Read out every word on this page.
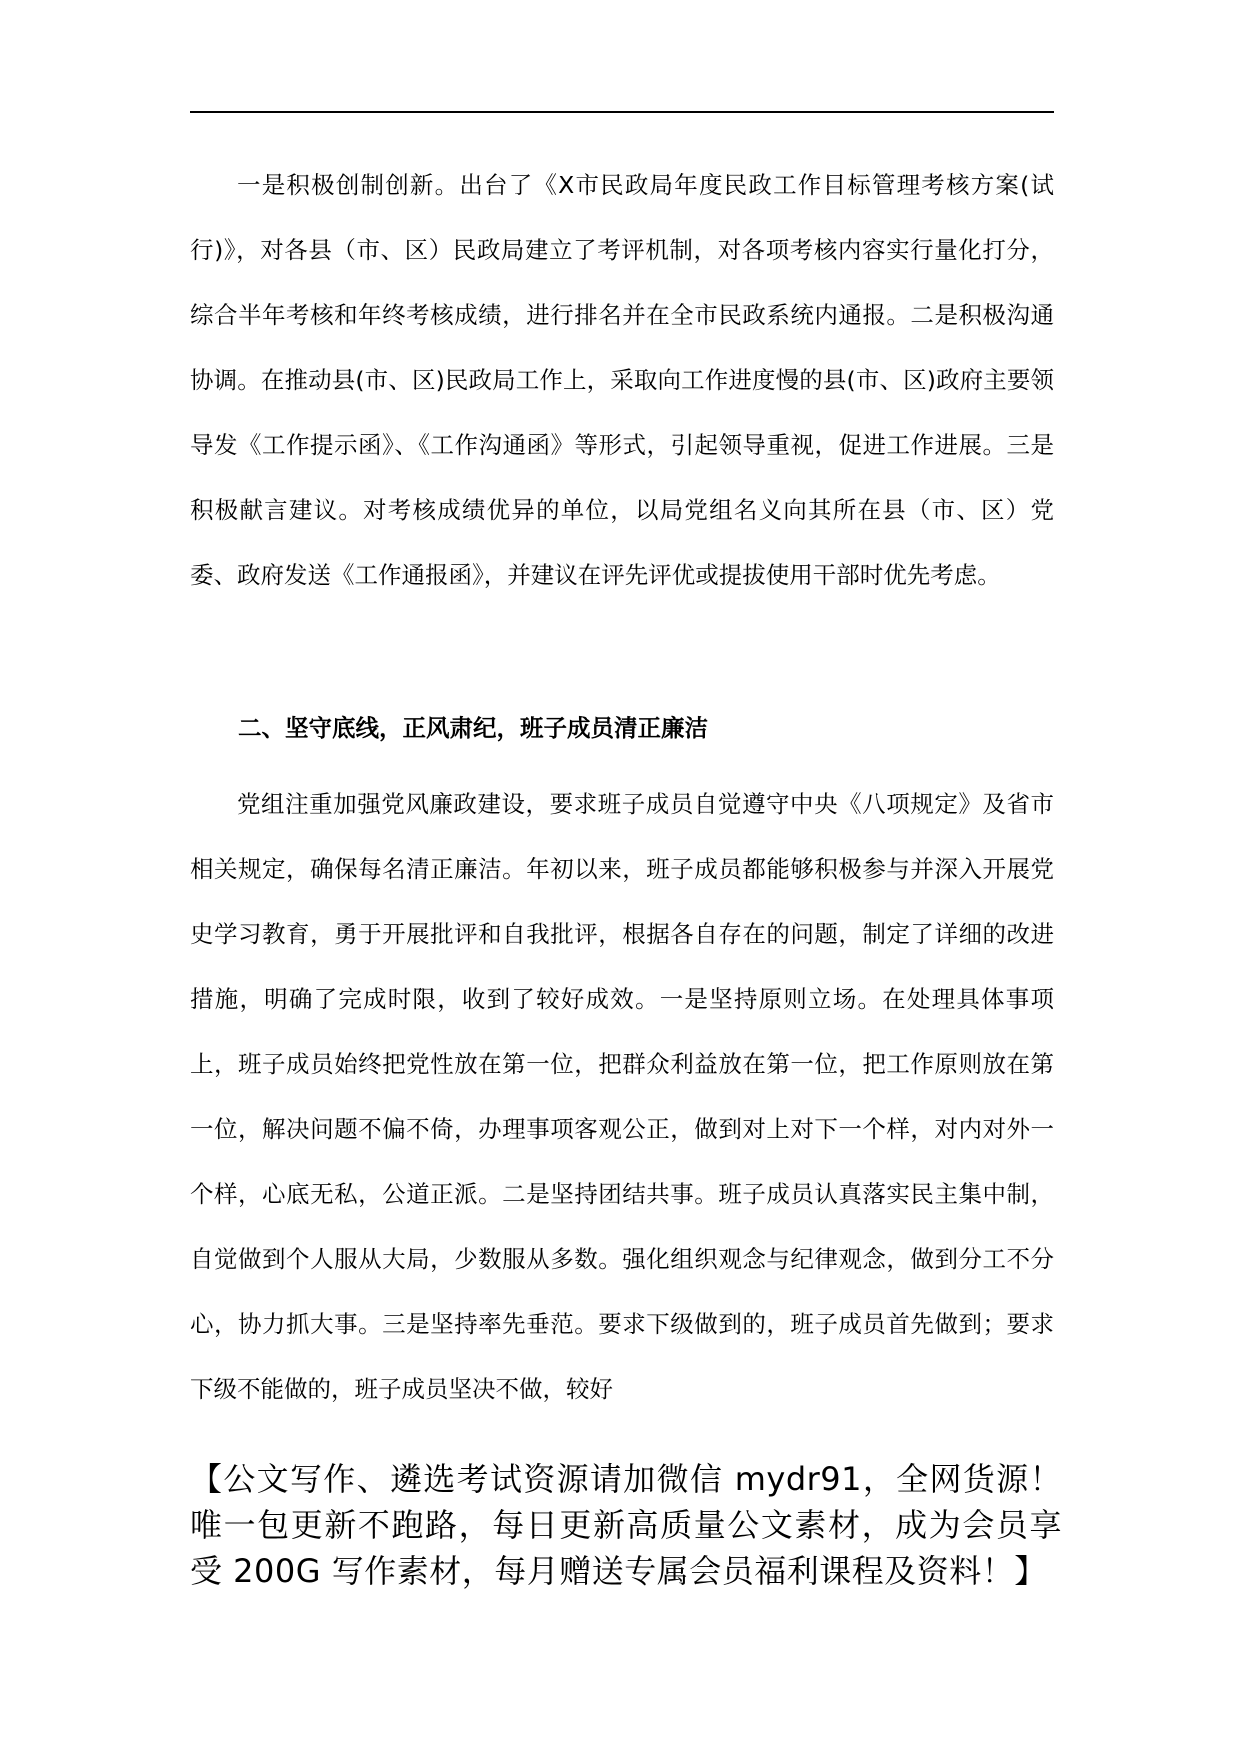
一是积极创制创新。出台了《X市民政局年度民政工作目标管理考核方案(试行)》，对各县（市、区）民政局建立了考评机制，对各项考核内容实行量化打分，综合半年考核和年终考核成绩，进行排名并在全市民政系统内通报。二是积极沟通协调。在推动县(市、区)民政局工作上，采取向工作进度慢的县(市、区)政府主要领导发《工作提示函》、《工作沟通函》等形式，引起领导重视，促进工作进展。三是积极献言建议。对考核成绩优异的单位，以局党组名义向其所在县（市、区）党委、政府发送《工作通报函》，并建议在评先评优或提拔使用干部时优先考虑。

二、坚守底线，正风肃纪，班子成员清正廉洁

党组注重加强党风廉政建设，要求班子成员自觉遵守中央《八项规定》及省市相关规定，确保每名清正廉洁。年初以来，班子成员都能够积极参与并深入开展党史学习教育，勇于开展批评和自我批评，根据各自存在的问题，制定了详细的改进措施，明确了完成时限，收到了较好成效。一是坚持原则立场。在处理具体事项上，班子成员始终把党性放在第一位，把群众利益放在第一位，把工作原则放在第一位，解决问题不偏不倚，办理事项客观公正，做到对上对下一个样，对内对外一个样，心底无私，公道正派。二是坚持团结共事。班子成员认真落实民主集中制，自觉做到个人服从大局，少数服从多数。强化组织观念与纪律观念，做到分工不分心，协力抓大事。三是坚持率先垂范。要求下级做到的，班子成员首先做到；要求下级不能做的，班子成员坚决不做，较好

【公文写作、遴选考试资源请加微信 mydr91，全网货源！唯一包更新不跑路，每日更新高质量公文素材，成为会员享受 200G 写作素材，每月赠送专属会员福利课程及资料！】
